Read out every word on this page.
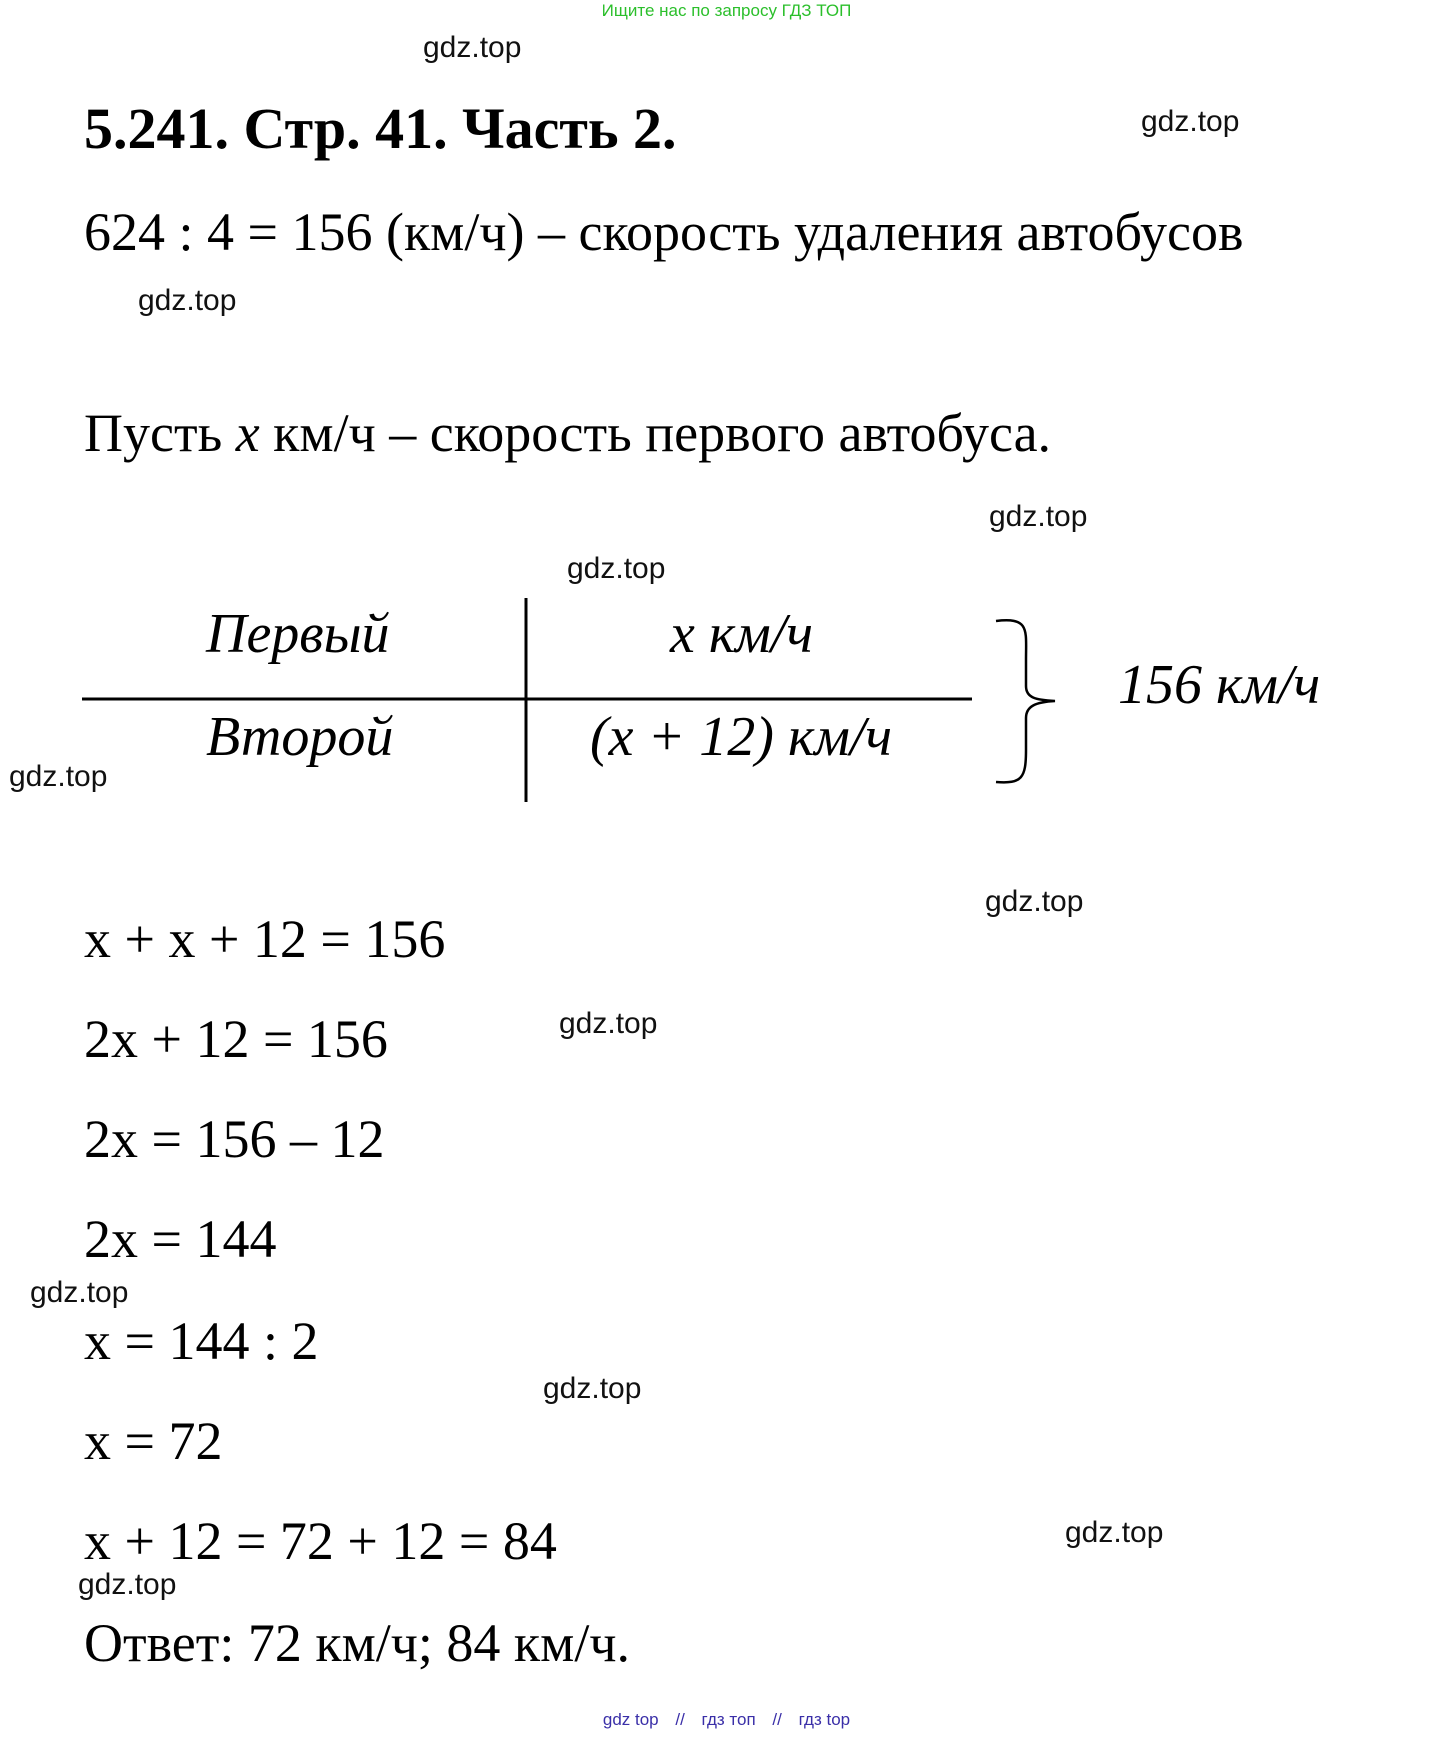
Ищите нас по запросу ГДЗ ТОП
gdz.top
gdz.top
gdz.top
gdz.top
gdz.top
gdz.top
gdz.top
gdz.top
gdz.top
gdz.top
gdz.top
gdz.top
5.241. Стр. 41. Часть 2.
624 : 4 = 156 (км/ч) – скорость удаления автобусов
Пусть x км/ч – скорость первого автобуса.
Первый	x км/ч
Второй	(x + 12) км/ч
156 км/ч
x + x + 12 = 156
2x + 12 = 156
2x = 156 – 12
2x = 144
x = 144 : 2
x = 72
x + 12 = 72 + 12 = 84
Ответ: 72 км/ч; 84 км/ч.
gdz top // гдз топ // гдз top
